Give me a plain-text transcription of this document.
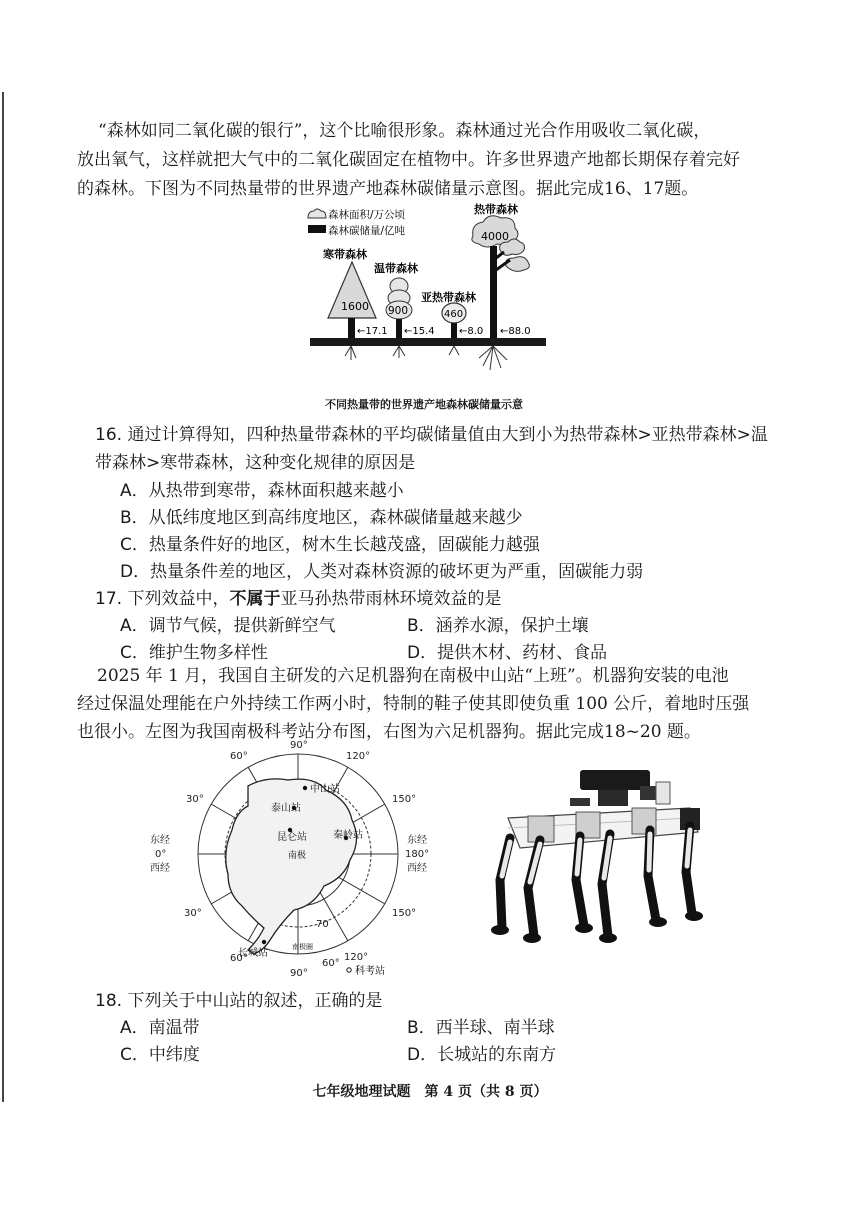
“森林如同二氧化碳的银行”，这个比喻很形象。森林通过光合作用吸收二氧化碳，
放出氧气，这样就把大气中的二氧化碳固定在植物中。许多世界遗产地都长期保存着完好
的森林。下图为不同热量带的世界遗产地森林碳储量示意图。据此完成16、17题。
森林面积/万公顷
森林碳储量/亿吨
寒带森林
1600
←17.1
温带森林
900
←15.4
亚热带森林
460
←8.0
热带森林
4000
←88.0
不同热量带的世界遗产地森林碳储量示意
16. 通过计算得知，四种热量带森林的平均碳储量值由大到小为热带森林>亚热带森林>温
带森林>寒带森林，这种变化规律的原因是
A．从热带到寒带，森林面积越来越小
B．从低纬度地区到高纬度地区，森林碳储量越来越少
C．热量条件好的地区，树木生长越茂盛，固碳能力越强
D．热量条件差的地区，人类对森林资源的破坏更为严重，固碳能力弱
17. 下列效益中，不属于亚马孙热带雨林环境效益的是
A．调节气候，提供新鲜空气	B．涵养水源，保护土壤
C．维护生物多样性	D．提供木材、药材、食品
2025 年 1 月，我国自主研发的六足机器狗在南极中山站“上班”。机器狗安装的电池
经过保温处理能在户外持续工作两小时，特制的鞋子使其即使负重 100 公斤，着地时压强
也很小。左图为我国南极科考站分布图，右图为六足机器狗。据此完成18~20 题。
90°
60°	120°
30°	150°
东经
0°
西经
东经
180°
西经
30°	150°
60°
90°
60°
120°
70
中山站
泰山站
昆仑站	秦岭站
南极
长城站
南极圈
科考站
18. 下列关于中山站的叙述，正确的是
A．南温带	B．西半球、南半球
C．中纬度	D．长城站的东南方
七年级地理试题　第 4 页（共 8 页）
